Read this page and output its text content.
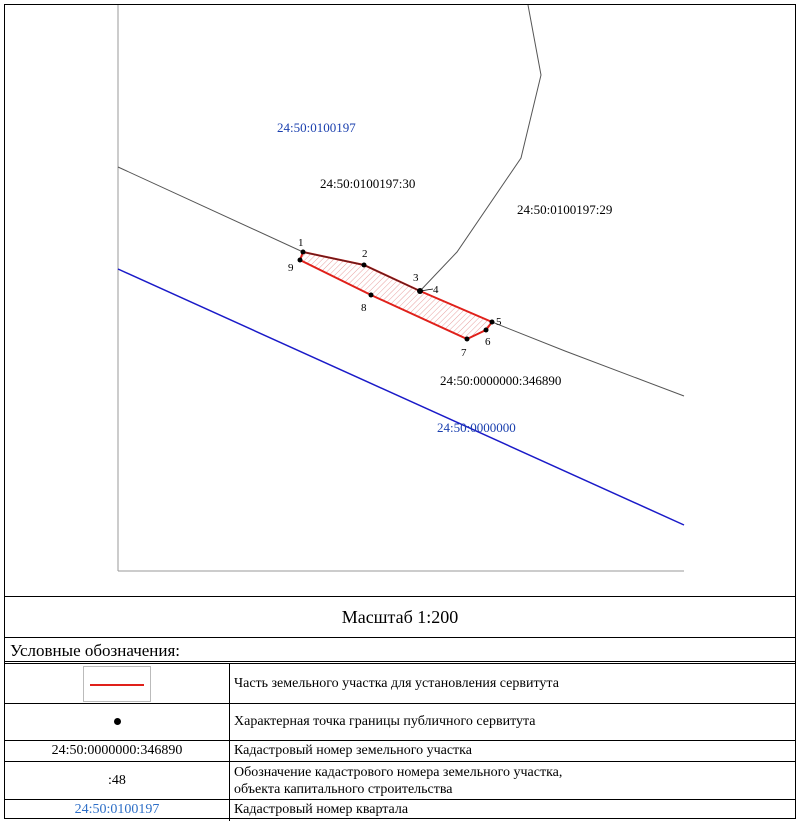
1
2
3
4
5
6
7
8
9
24:50:0100197
24:50:0100197:30
24:50:0100197:29
24:50:0000000:346890
24:50:0000000
Масштаб 1:200
Условные обозначения:
	Часть земельного участка для установления сервитута
	Характерная точка границы публичного сервитута
24:50:0000000:346890	Кадастровый номер земельного участка
:48	Обозначение кадастрового номера земельного участка,
объекта капитального строительства

24:50:0100197	Кадастровый номер квартала
